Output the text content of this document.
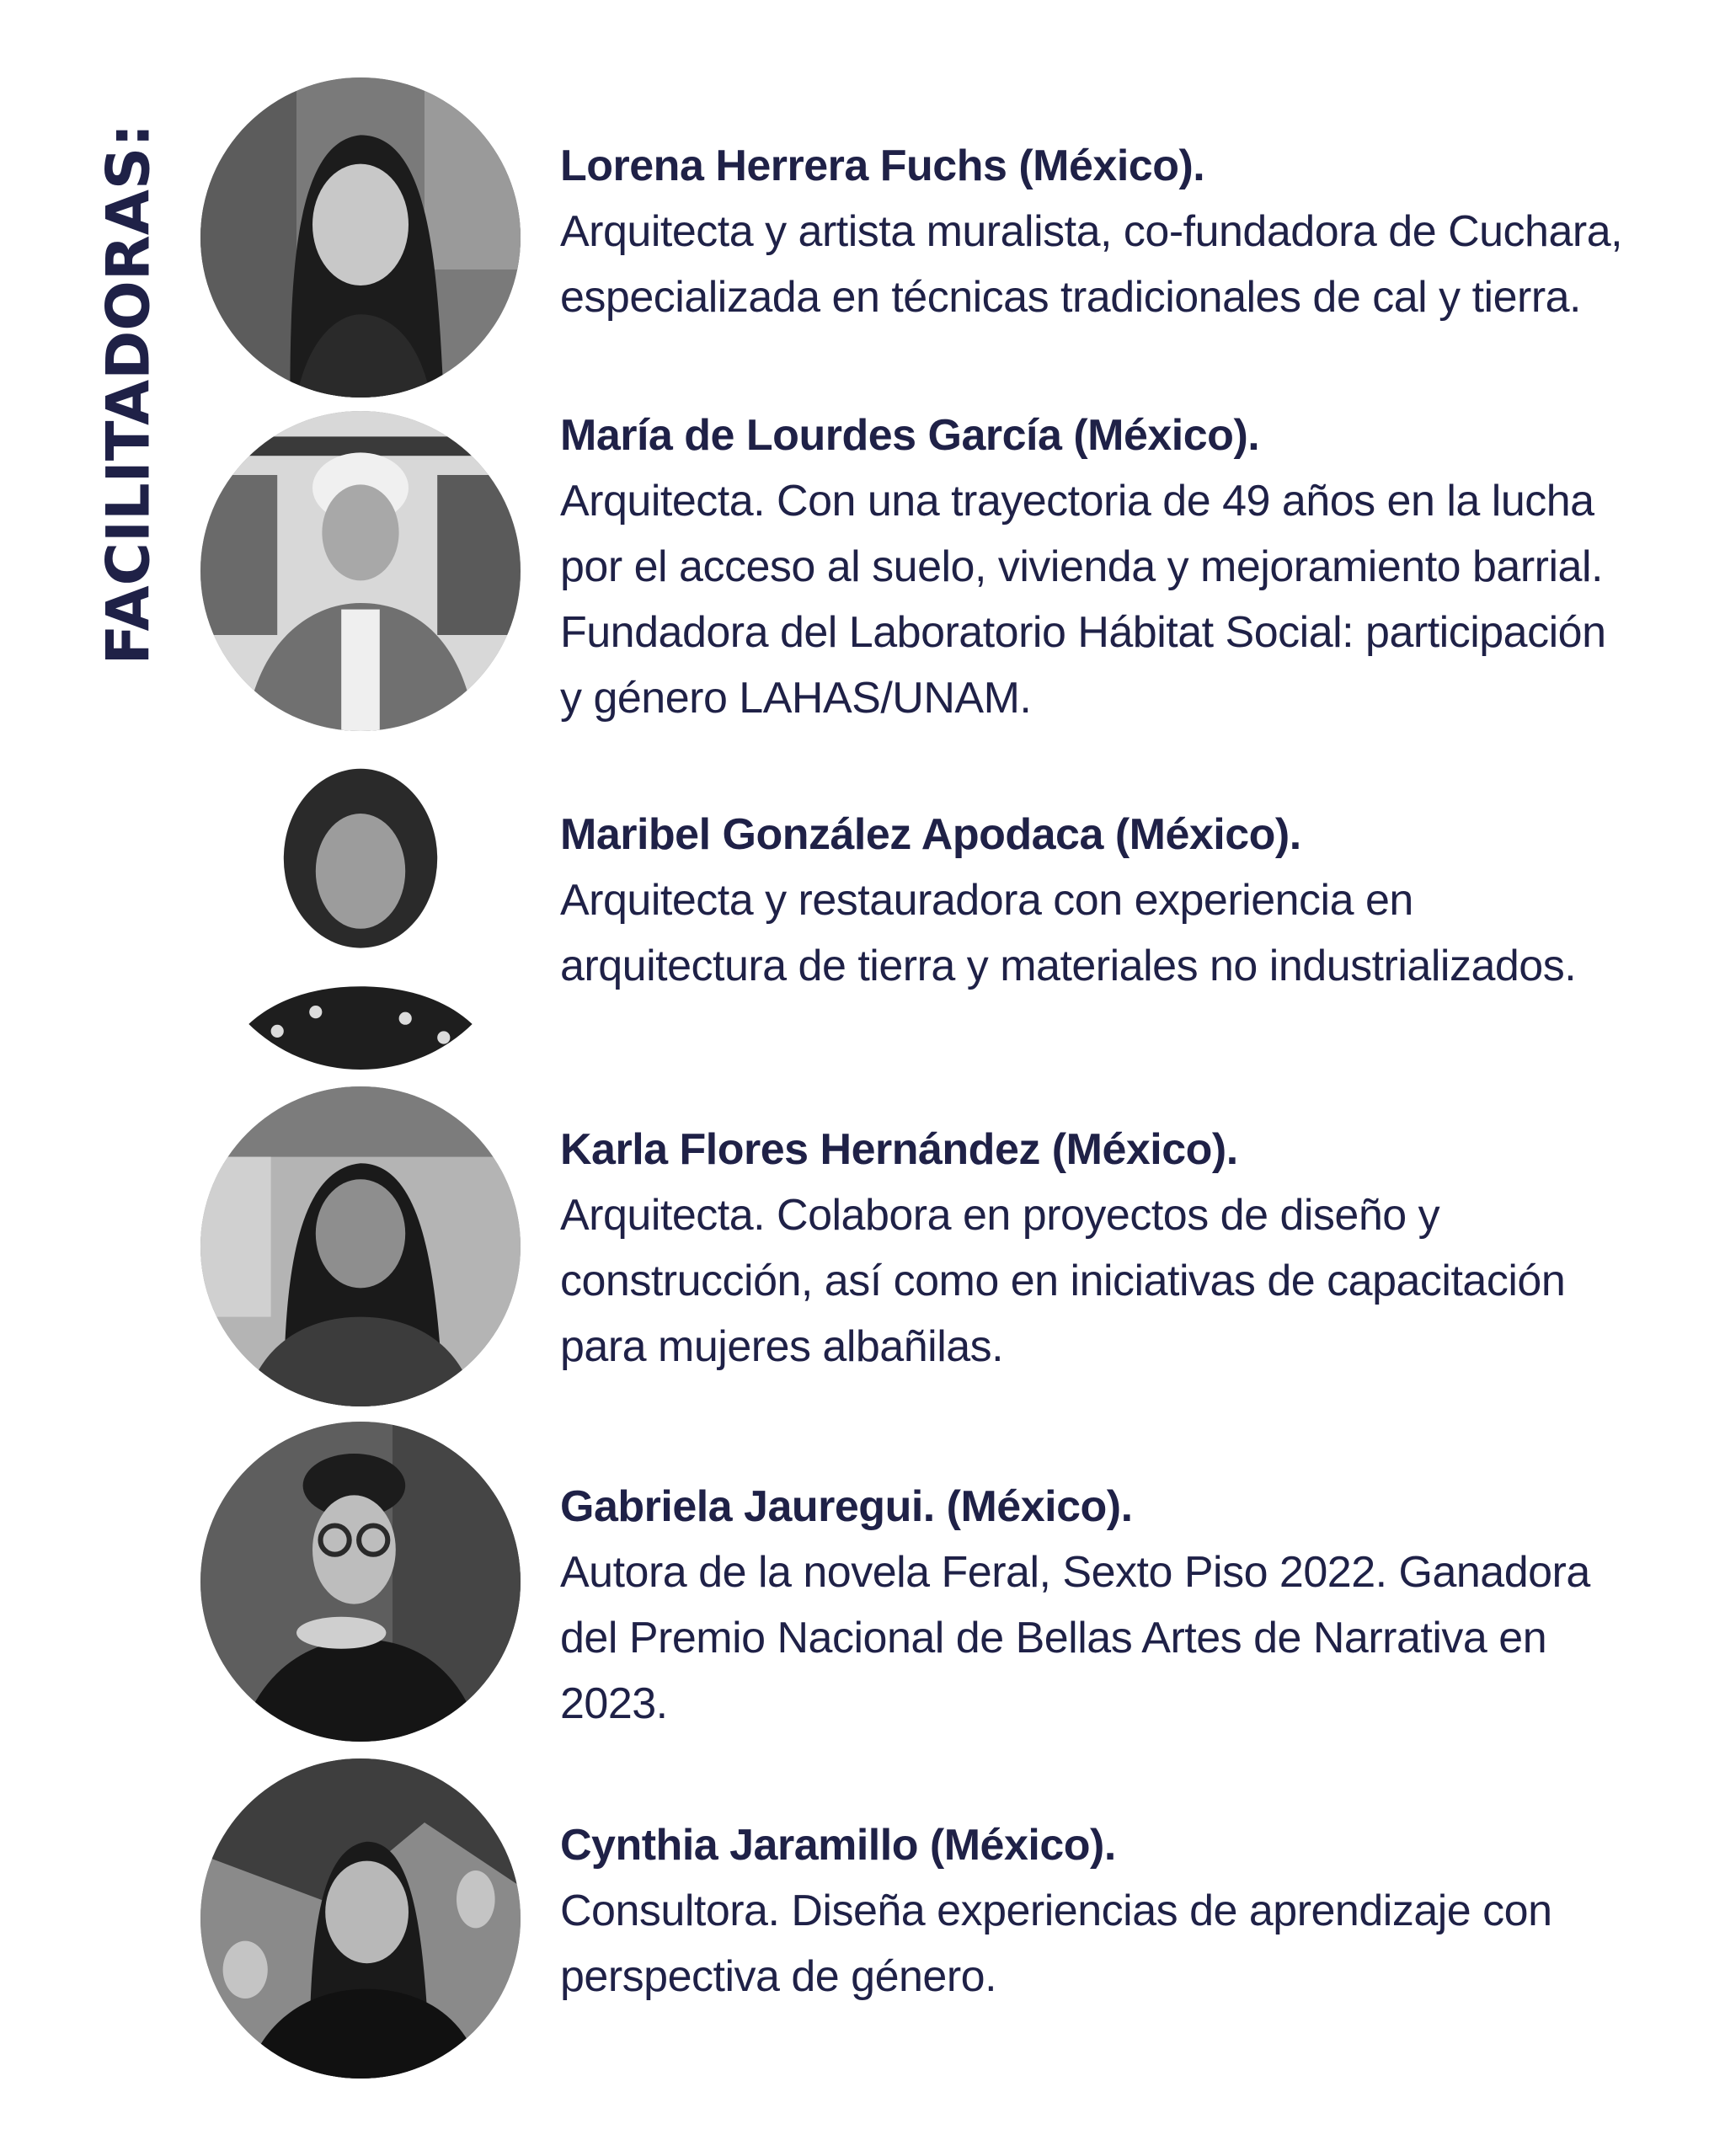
FACILITADORAS:	Lorena Herrera Fuchs (México).
Arquitecta y artista muralista, co-fundadora de Cuchara,
especializada en técnicas tradicionales de cal y tierra.
María de Lourdes García (México).
Arquitecta. Con una trayectoria de 49 años en la lucha
por el acceso al suelo, vivienda y mejoramiento barrial.
Fundadora del Laboratorio Hábitat Social: participación
y género LAHAS/UNAM.
Maribel González Apodaca (México).
Arquitecta y restauradora con experiencia en
arquitectura de tierra y materiales no industrializados.
Karla Flores Hernández (México).
Arquitecta. Colabora en proyectos de diseño y
construcción, así como en iniciativas de capacitación
para mujeres albañilas.
Gabriela Jauregui. (México).
Autora de la novela Feral, Sexto Piso 2022. Ganadora
del Premio Nacional de Bellas Artes de Narrativa en
2023.
Cynthia Jaramillo (México).
Consultora. Diseña experiencias de aprendizaje con
perspectiva de género.
